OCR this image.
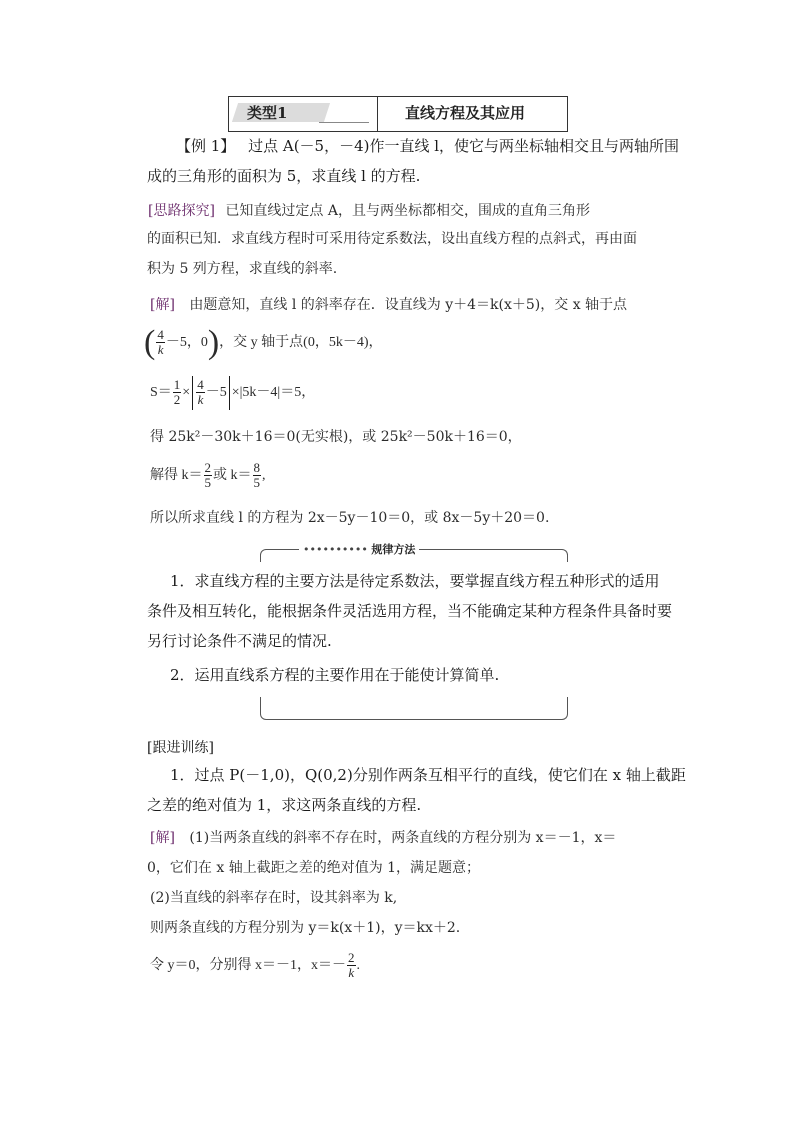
类型1	直线方程及其应用
【例 1】 过点 A(－5，－4)作一直线 l，使它与两坐标轴相交且与两轴所围
成的三角形的面积为 5，求直线 l 的方程.
[思路探究] 已知直线过定点 A，且与两坐标都相交，围成的直角三角形
的面积已知．求直线方程时可采用待定系数法，设出直线方程的点斜式，再由面
积为 5 列方程，求直线的斜率.
[解] 由题意知，直线 l 的斜率存在．设直线为 y＋4＝k(x＋5)，交 x 轴于点
( $\frac{4}{k} -5$，0)，交 y 轴于点(0，5k－4)，
$S= \frac{1}{2} \times \frac{4}{k} -5 \times|5k-4|=5$，
得 25k²－30k＋16＝0(无实根)，或 25k²－50k＋16＝0，
解得 $k= \frac{2}{5}$ 或 $k= \frac{8}{5}$ ,
所以所求直线 l 的方程为 2x－5y－10＝0，或 8x－5y＋20＝0.
•••••••••• 规律方法
1．求直线方程的主要方法是待定系数法，要掌握直线方程五种形式的适用
条件及相互转化，能根据条件灵活选用方程，当不能确定某种方程条件具备时要
另行讨论条件不满足的情况.
2．运用直线系方程的主要作用在于能使计算简单.
[跟进训练]
1．过点 P(－1,0)，Q(0,2)分别作两条互相平行的直线，使它们在 x 轴上截距
之差的绝对值为 1，求这两条直线的方程.
[解] (1)当两条直线的斜率不存在时，两条直线的方程分别为 x＝－1，x＝
0，它们在 x 轴上截距之差的绝对值为 1，满足题意；
(2)当直线的斜率存在时，设其斜率为 k,
则两条直线的方程分别为 y＝k(x＋1)，y＝kx＋2.
令 y＝0，分别得 x＝－1，$x=- \frac{2}{k}$ .
